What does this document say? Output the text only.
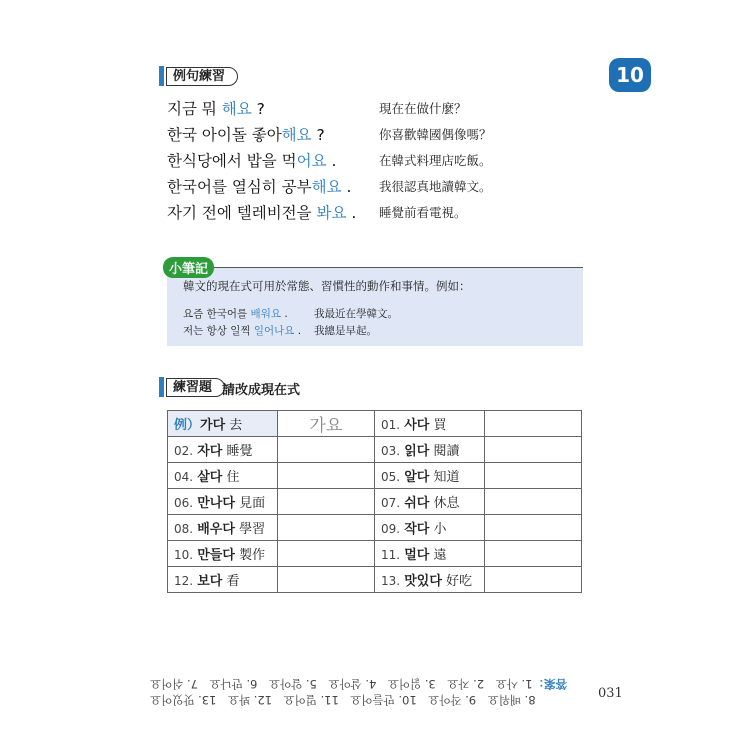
10
例句練習
지금 뭐 해요 ?	現在在做什麼？
한국 아이돌 좋아해요 ?	你喜歡韓國偶像嗎？
한식당에서 밥을 먹어요 .	在韓式料理店吃飯。
한국어를 열심히 공부해요 .	我很認真地讀韓文。
자기 전에 텔레비전을 봐요 .	睡覺前看電視。
小筆記
韓文的現在式可用於常態、習慣性的動作和事情。例如：
요즘 한국어를 배워요 .	我最近在學韓文。
저는 항상 일찍 일어나요 .	我總是早起。
練習題 請改成現在式
例）가다 去	가요	01. 사다 買	
02. 자다 睡覺		03. 읽다 閱讀	
04. 살다 住		05. 알다 知道	
06. 만나다 見面		07. 쉬다 休息	
08. 배우다 學習		09. 작다 小	
10. 만들다 製作		11. 멀다 遠	
12. 보다 看		13. 맛있다 好吃	
8. 배워요　9. 작아요　10. 만들어요　11. 멀어요　12. 봐요　13. 맛있어요
答案：1. 사요　2. 자요　3. 읽어요　4. 살아요　5. 알아요　6. 만나요　7. 쉬어요
031
